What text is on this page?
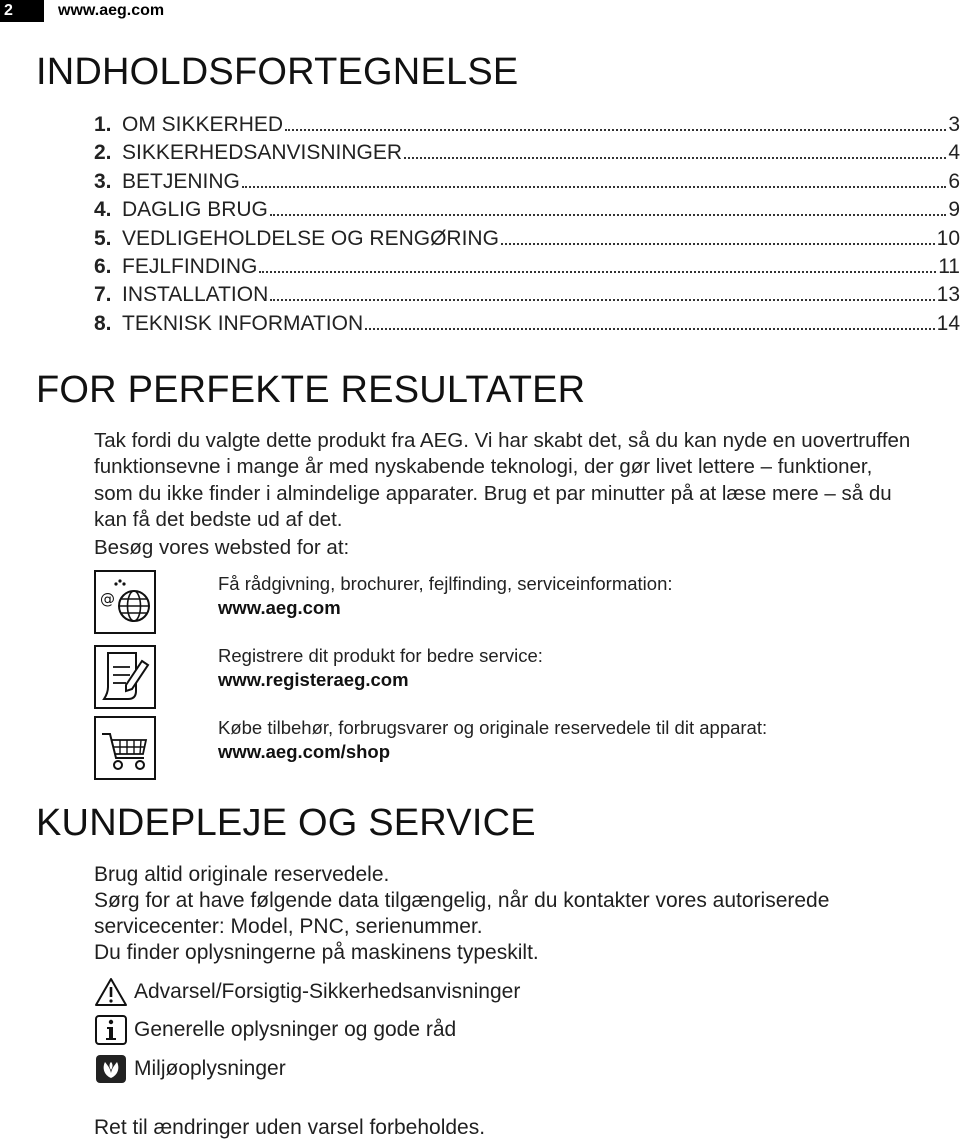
2	www.aeg.com
INDHOLDSFORTEGNELSE
1. OM SIKKERHED	3
2. SIKKERHEDSANVISNINGER	4
3. BETJENING	6
4. DAGLIG BRUG	9
5. VEDLIGEHOLDELSE OG RENGØRING	10
6. FEJLFINDING	11
7. INSTALLATION	13
8. TEKNISK INFORMATION	14
FOR PERFEKTE RESULTATER

Tak fordi du valgte dette produkt fra AEG. Vi har skabt det, så du kan nyde en uovertruffen funktionsevne i mange år med nyskabende teknologi, der gør livet lettere – funktioner, som du ikke finder i almindelige apparater. Brug et par minutter på at læse mere – så du kan få det bedste ud af det.

Besøg vores websted for at:

@
Få rådgivning, brochurer, fejlfinding, serviceinformation:
www.aeg.com
Registrere dit produkt for bedre service:
www.registeraeg.com
Købe tilbehør, forbrugsvarer og originale reservedele til dit apparat:
www.aeg.com/shop
KUNDEPLEJE OG SERVICE
Brug altid originale reservedele.
Sørg for at have følgende data tilgængelig, når du kontakter vores autoriserede
servicecenter: Model, PNC, serienummer.
Du finder oplysningerne på maskinens typeskilt.
Advarsel/Forsigtig-Sikkerhedsanvisninger
Generelle oplysninger og gode råd
Miljøoplysninger
Ret til ændringer uden varsel forbeholdes.
